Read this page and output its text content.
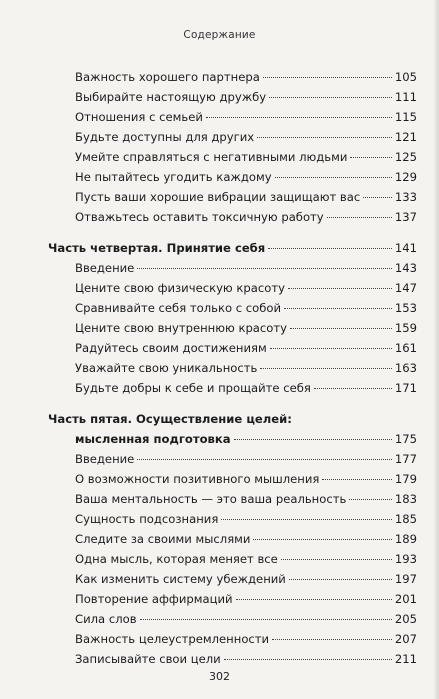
Содержание
Важность хорошего партнера	105
Выбирайте настоящую дружбу	111
Отношения с семьей	115
Будьте доступны для других	121
Умейте справляться с негативными людьми	125
Не пытайтесь угодить каждому	129
Пусть ваши хорошие вибрации защищают вас	133
Отважьтесь оставить токсичную работу	137
Часть четвертая. Принятие себя	141
Введение	143
Цените свою физическую красоту	147
Сравнивайте себя только с собой	153
Цените свою внутреннюю красоту	159
Радуйтесь своим достижениям	161
Уважайте свою уникальность	163
Будьте добры к себе и прощайте себя	171
Часть пятая. Осуществление целей:
мысленная подготовка	175
Введение	177
О возможности позитивного мышления	179
Ваша ментальность — это ваша реальность	183
Сущность подсознания	185
Следите за своими мыслями	189
Одна мысль, которая меняет все	193
Как изменить систему убеждений	197
Повторение аффирмаций	201
Сила слов	205
Важность целеустремленности	207
Записывайте свои цели	211
302
